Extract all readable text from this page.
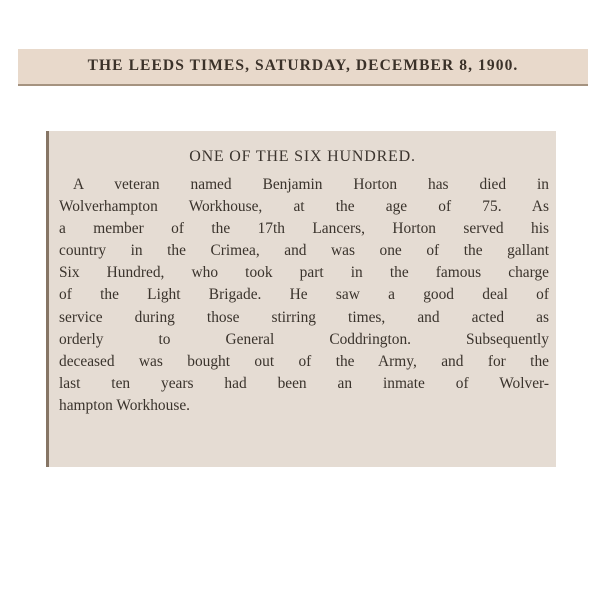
THE LEEDS TIMES, SATURDAY, DECEMBER 8, 1900.
ONE OF THE SIX HUNDRED.
A veteran named Benjamin Horton has died in
Wolverhampton Workhouse, at the age of 75. As
a member of the 17th Lancers, Horton served his
country in the Crimea, and was one of the gallant
Six Hundred, who took part in the famous charge
of the Light Brigade. He saw a good deal of
service during those stirring times, and acted as
orderly to General Coddrington. Subsequently
deceased was bought out of the Army, and for the
last ten years had been an inmate of Wolver-
hampton Workhouse.
